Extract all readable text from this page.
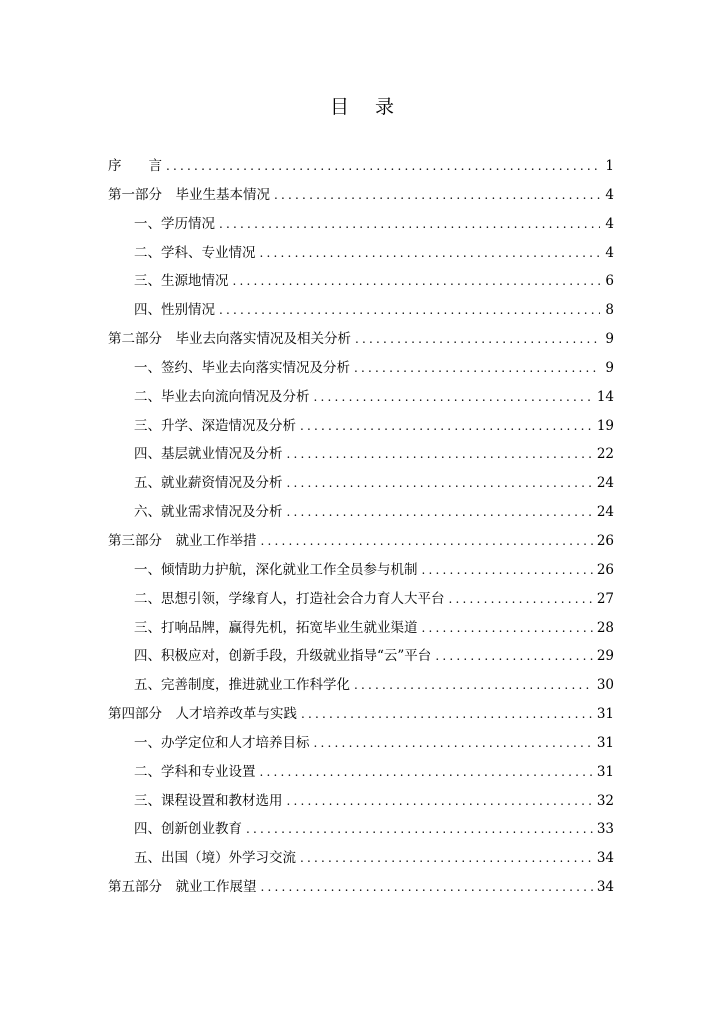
目 录
序　　言 .....	1
第一部分　毕业生基本情况 .....	4
一、学历情况 .....	4
二、学科、专业情况 .....	4
三、生源地情况 .....	6
四、性别情况 .....	8
第二部分　毕业去向落实情况及相关分析 .....	9
一、签约、毕业去向落实情况及分析 .....	9
二、毕业去向流向情况及分析 .....	14
三、升学、深造情况及分析 .....	19
四、基层就业情况及分析 .....	22
五、就业薪资情况及分析 .....	24
六、就业需求情况及分析 .....	24
第三部分　就业工作举措 .....	26
一、倾情助力护航，深化就业工作全员参与机制 .....	26
二、思想引领，学缘育人，打造社会合力育人大平台 .....	27
三、打响品牌，赢得先机，拓宽毕业生就业渠道 .....	28
四、积极应对，创新手段，升级就业指导“云”平台 .....	29
五、完善制度，推进就业工作科学化 .....	30
第四部分　人才培养改革与实践 .....	31
一、办学定位和人才培养目标 .....	31
二、学科和专业设置 .....	31
三、课程设置和教材选用 .....	32
四、创新创业教育 .....	33
五、出国（境）外学习交流 .....	34
第五部分　就业工作展望 .....	34
